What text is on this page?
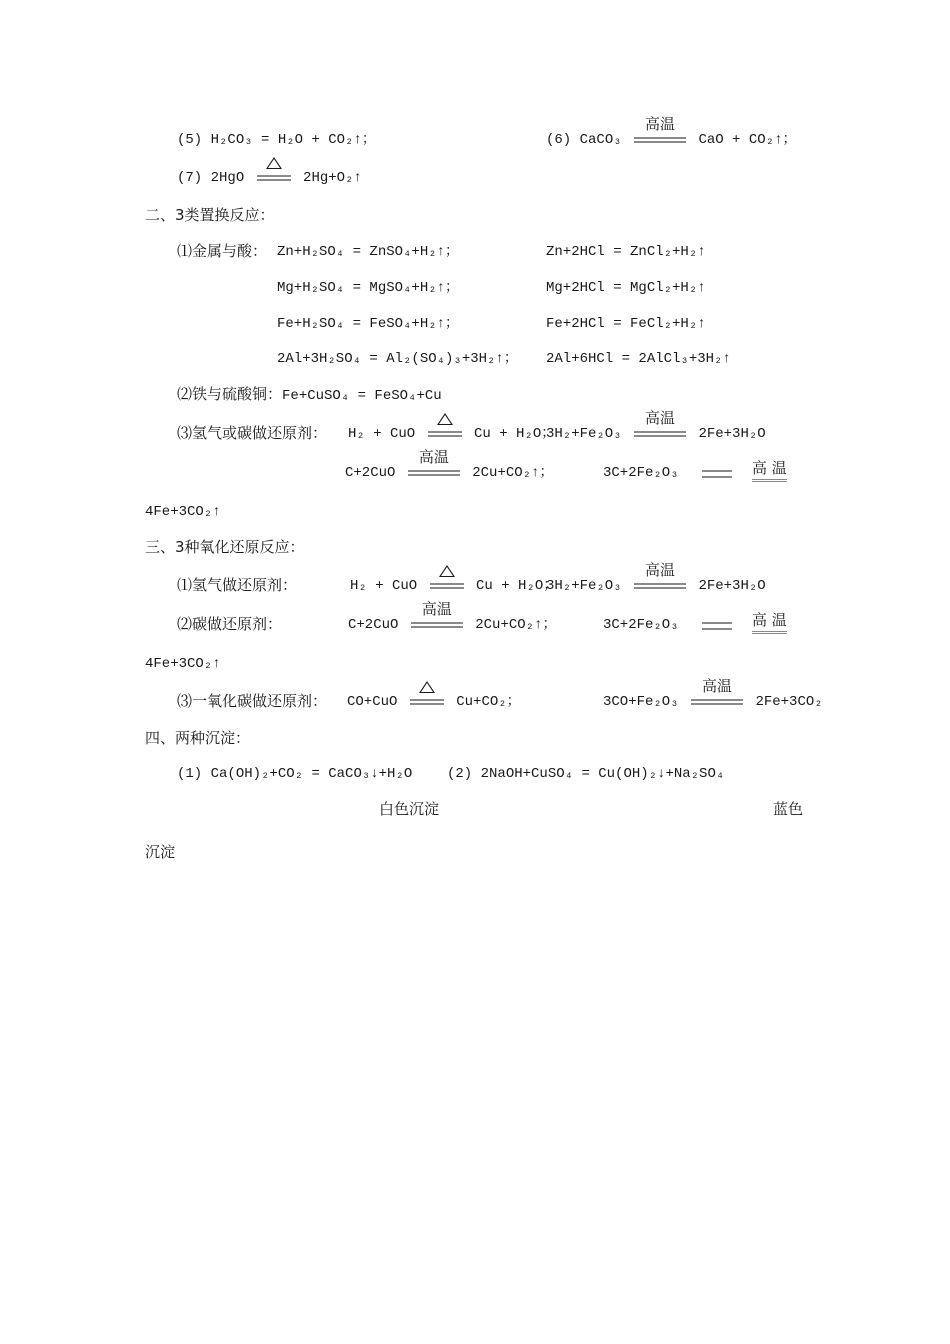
(5) H₂CO₃ = H₂O + CO₂↑；	(6) CaCO₃
高温
CaO + CO₂↑；
(7) 2HgO	2Hg+O₂↑
二、3类置换反应：
⑴金属与酸： Zn+H₂SO₄ = ZnSO₄+H₂↑；	Zn+2HCl = ZnCl₂+H₂↑
Mg+H₂SO₄ = MgSO₄+H₂↑；	Mg+2HCl = MgCl₂+H₂↑
Fe+H₂SO₄ = FeSO₄+H₂↑；	Fe+2HCl = FeCl₂+H₂↑
2Al+3H₂SO₄ = Al₂(SO₄)₃+3H₂↑； 2Al+6HCl = 2AlCl₃+3H₂↑
⑵铁与硫酸铜：Fe+CuSO₄ = FeSO₄+Cu
⑶氢气或碳做还原剂： H₂ + CuO	Cu + H₂O；
3H₂+Fe₂O₃
高温
2Fe+3H₂O
C+2CuO
高温
2Cu+CO₂↑；	3C+2Fe₂O₃	高 温
4Fe+3CO₂↑
三、3种氧化还原反应：
⑴氢气做还原剂：	H₂ + CuO	Cu + H₂O；
3H₂+Fe₂O₃
高温
2Fe+3H₂O
⑵碳做还原剂：	C+2CuO
高温
2Cu+CO₂↑；	3C+2Fe₂O₃	高 温
4Fe+3CO₂↑
⑶一氧化碳做还原剂： CO+CuO	Cu+CO₂；	3CO+Fe₂O₃
高温
2Fe+3CO₂
四、两种沉淀：
(1) Ca(OH)₂+CO₂ = CaCO₃↓+H₂O (2) 2NaOH+CuSO₄ = Cu(OH)₂↓+Na₂SO₄
白色沉淀	蓝色
沉淀
